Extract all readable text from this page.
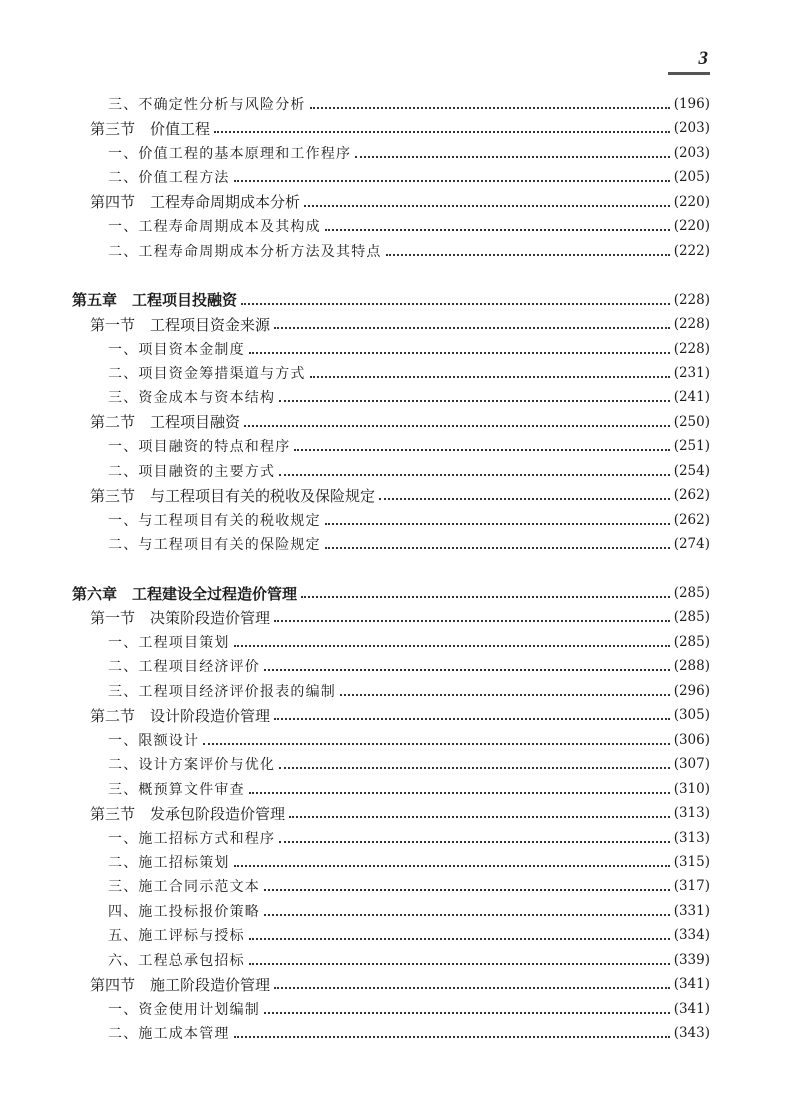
3
三、不确定性分析与风险分析	(196)
第三节　价值工程	(203)
一、价值工程的基本原理和工作程序	(203)
二、价值工程方法	(205)
第四节　工程寿命周期成本分析	(220)
一、工程寿命周期成本及其构成	(220)
二、工程寿命周期成本分析方法及其特点	(222)
第五章　工程项目投融资	(228)
第一节　工程项目资金来源	(228)
一、项目资本金制度	(228)
二、项目资金筹措渠道与方式	(231)
三、资金成本与资本结构	(241)
第二节　工程项目融资	(250)
一、项目融资的特点和程序	(251)
二、项目融资的主要方式	(254)
第三节　与工程项目有关的税收及保险规定	(262)
一、与工程项目有关的税收规定	(262)
二、与工程项目有关的保险规定	(274)
第六章　工程建设全过程造价管理	(285)
第一节　决策阶段造价管理	(285)
一、工程项目策划	(285)
二、工程项目经济评价	(288)
三、工程项目经济评价报表的编制	(296)
第二节　设计阶段造价管理	(305)
一、限额设计	(306)
二、设计方案评价与优化	(307)
三、概预算文件审查	(310)
第三节　发承包阶段造价管理	(313)
一、施工招标方式和程序	(313)
二、施工招标策划	(315)
三、施工合同示范文本	(317)
四、施工投标报价策略	(331)
五、施工评标与授标	(334)
六、工程总承包招标	(339)
第四节　施工阶段造价管理	(341)
一、资金使用计划编制	(341)
二、施工成本管理	(343)
